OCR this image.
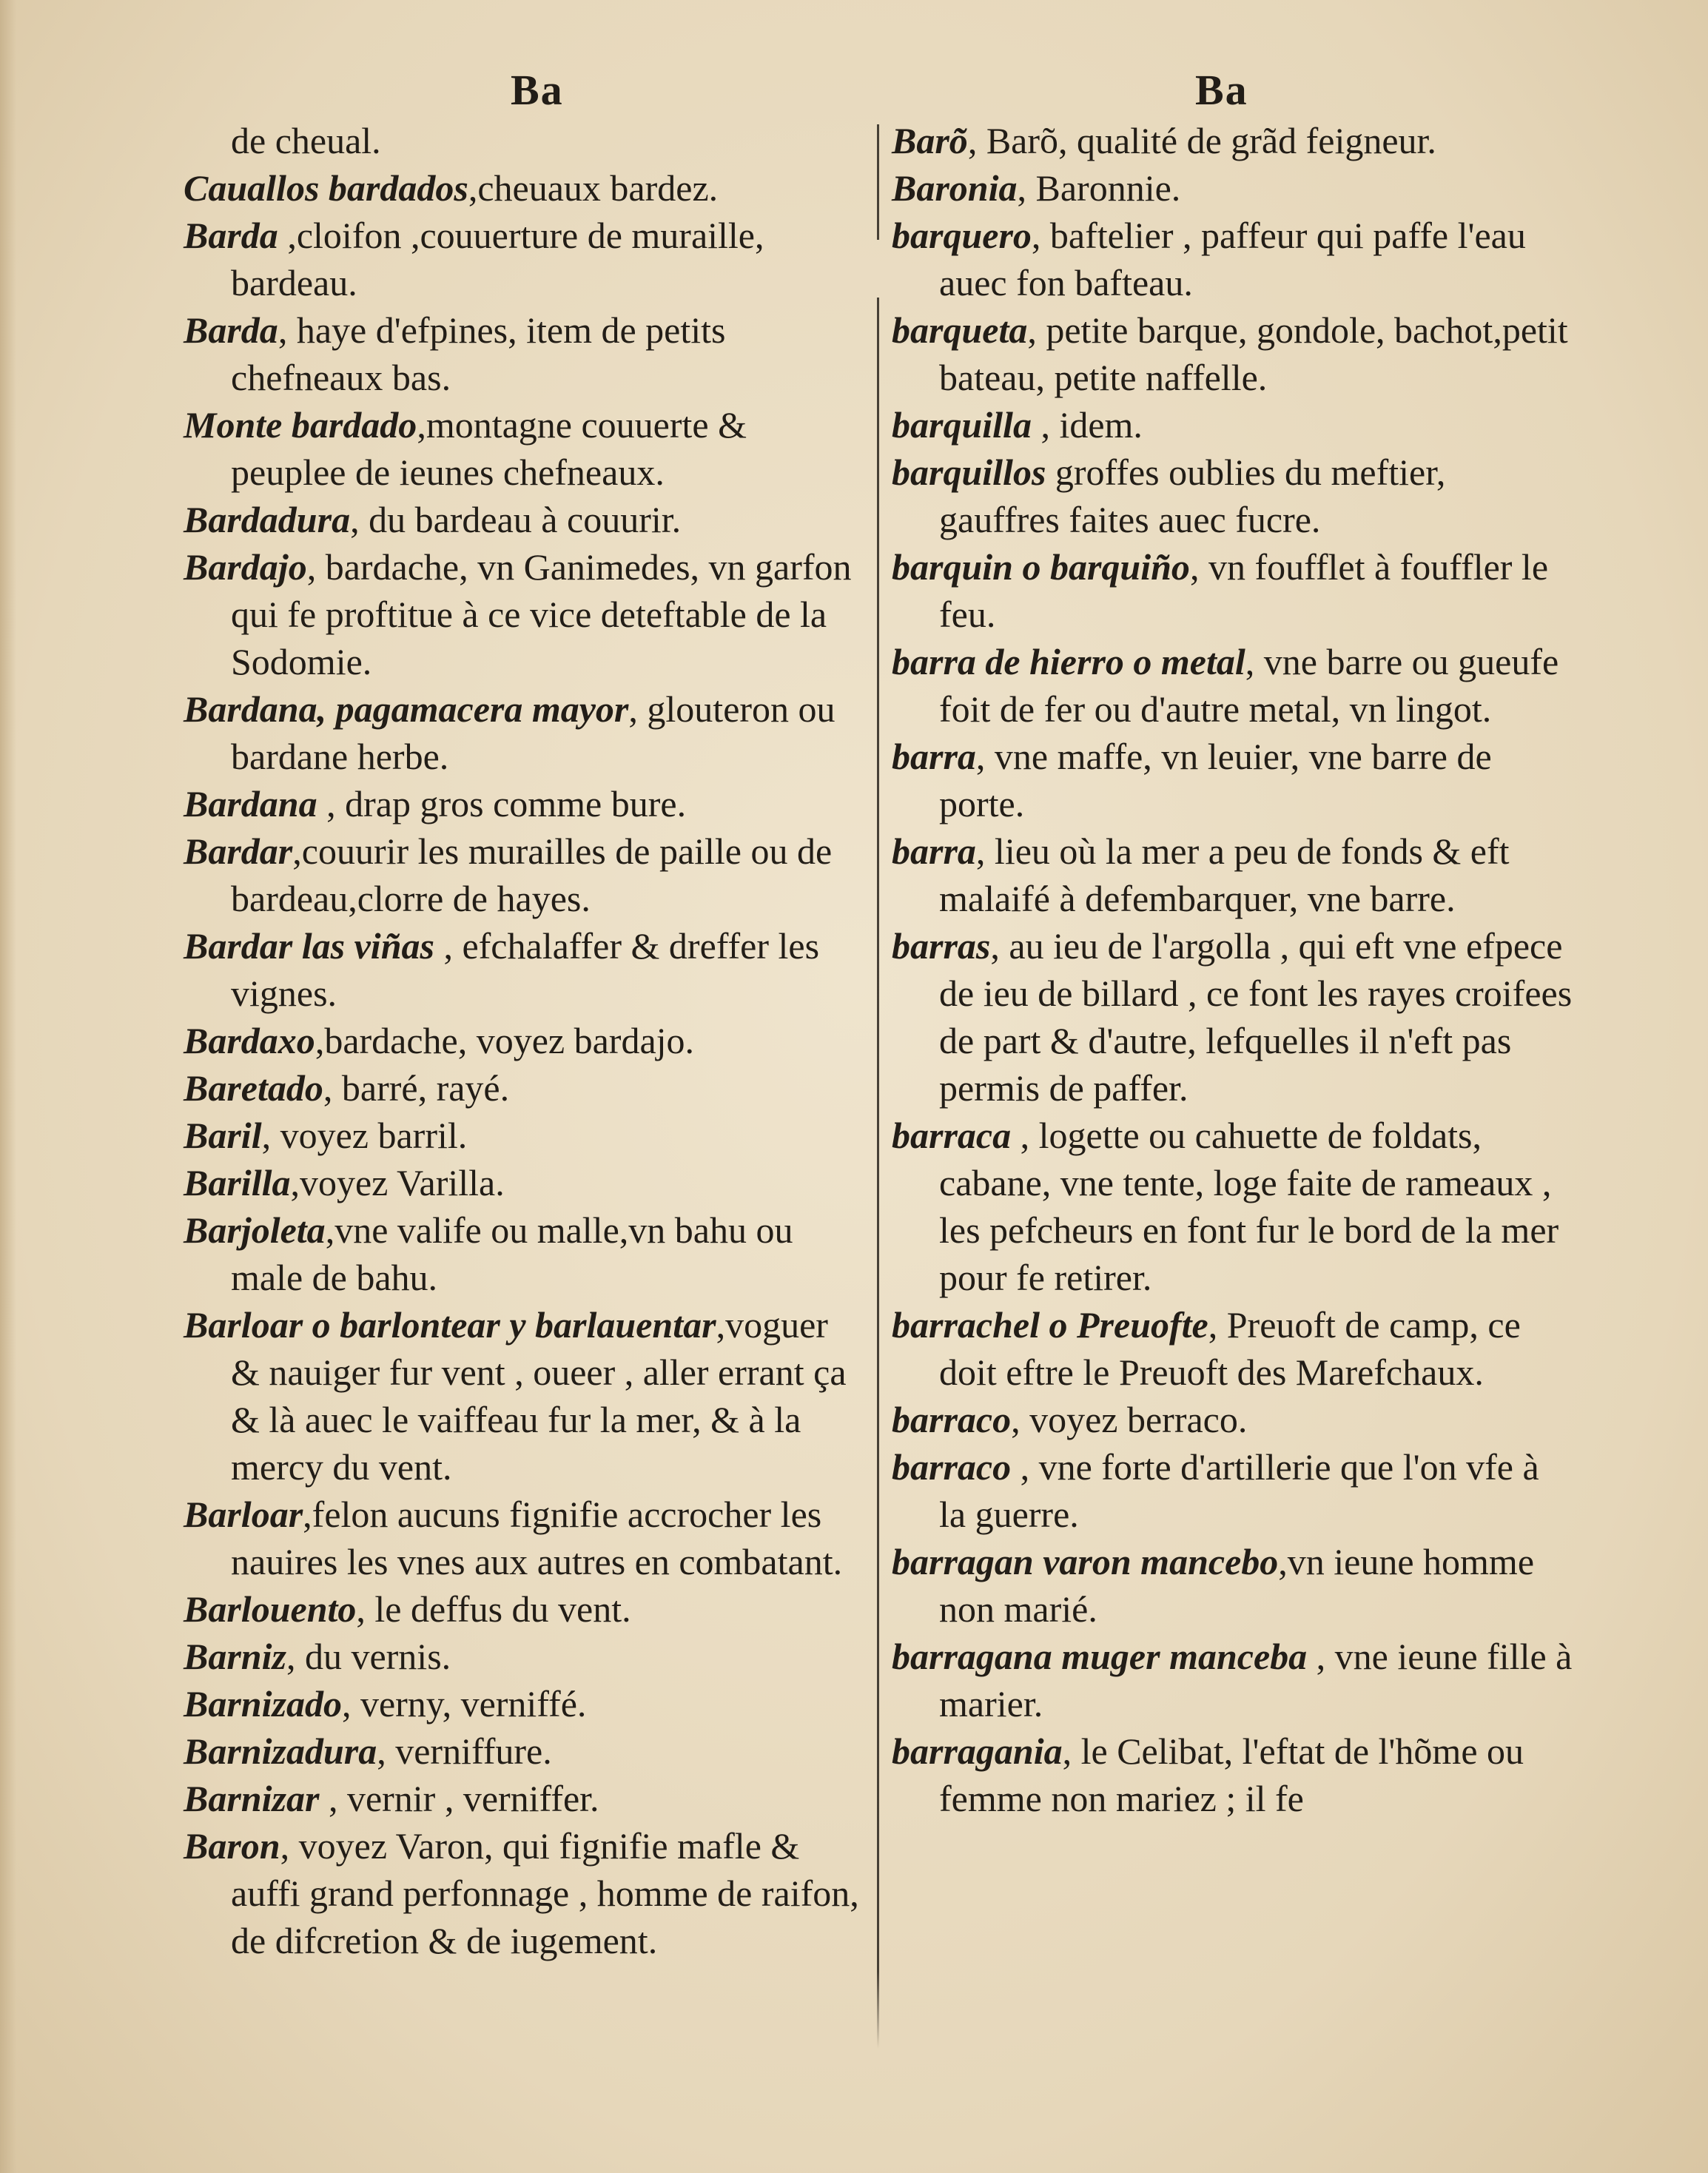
Ba	Ba

de cheual.

Cauallos bardados,cheuaux bardez.

Barda ,cloifon ,couuerture de muraille, bardeau.

Barda, haye d'efpines, item de petits chefneaux bas.

Monte bardado,montagne couuerte & peuplee de ieunes chefneaux.

Bardadura, du bardeau à couurir.

Bardajo, bardache, vn Ganimedes, vn garfon qui fe proftitue à ce vice deteftable de la Sodomie.

Bardana, pagamacera mayor, glouteron ou bardane herbe.

Bardana , drap gros comme bure.

Bardar,couurir les murailles de paille ou de bardeau,clorre de hayes.

Bardar las viñas , efchalaffer & dreffer les vignes.

Bardaxo,bardache, voyez bardajo.

Baretado, barré, rayé.

Baril, voyez barril.

Barilla,voyez Varilla.

Barjoleta,vne valife ou malle,vn bahu ou male de bahu.

Barloar o barlontear y barlauentar,voguer & nauiger fur vent , oueer , aller errant ça & là auec le vaiffeau fur la mer, & à la mercy du vent.

Barloar,felon aucuns fignifie accrocher les nauires les vnes aux autres en combatant.

Barlouento, le deffus du vent.

Barniz, du vernis.

Barnizado, verny, verniffé.

Barnizadura, verniffure.

Barnizar , vernir , verniffer.

Baron, voyez Varon, qui fignifie mafle & auffi grand perfonnage , homme de raifon, de difcretion & de iugement.

Barõ, Barõ, qualité de grãd feigneur.

Baronia, Baronnie.

barquero, baftelier , paffeur qui paffe l'eau auec fon bafteau.

barqueta, petite barque, gondole, bachot,petit bateau, petite naffelle.

barquilla , idem.

barquillos groffes oublies du meftier, gauffres faites auec fucre.

barquin o barquiño, vn foufflet à fouffler le feu.

barra de hierro o metal, vne barre ou gueufe foit de fer ou d'autre metal, vn lingot.

barra, vne maffe, vn leuier, vne barre de porte.

barra, lieu où la mer a peu de fonds & eft malaifé à defembarquer, vne barre.

barras, au ieu de l'argolla , qui eft vne efpece de ieu de billard , ce font les rayes croifees de part & d'autre, lefquelles il n'eft pas permis de paffer.

barraca , logette ou cahuette de foldats, cabane, vne tente, loge faite de rameaux , les pefcheurs en font fur le bord de la mer pour fe retirer.

barrachel o Preuofte, Preuoft de camp, ce doit eftre le Preuoft des Marefchaux.

barraco, voyez berraco.

barraco , vne forte d'artillerie que l'on vfe à la guerre.

barragan varon mancebo,vn ieune homme non marié.

barragana muger manceba , vne ieune fille à marier.

barragania, le Celibat, l'eftat de l'hõme ou femme non mariez ; il fe
